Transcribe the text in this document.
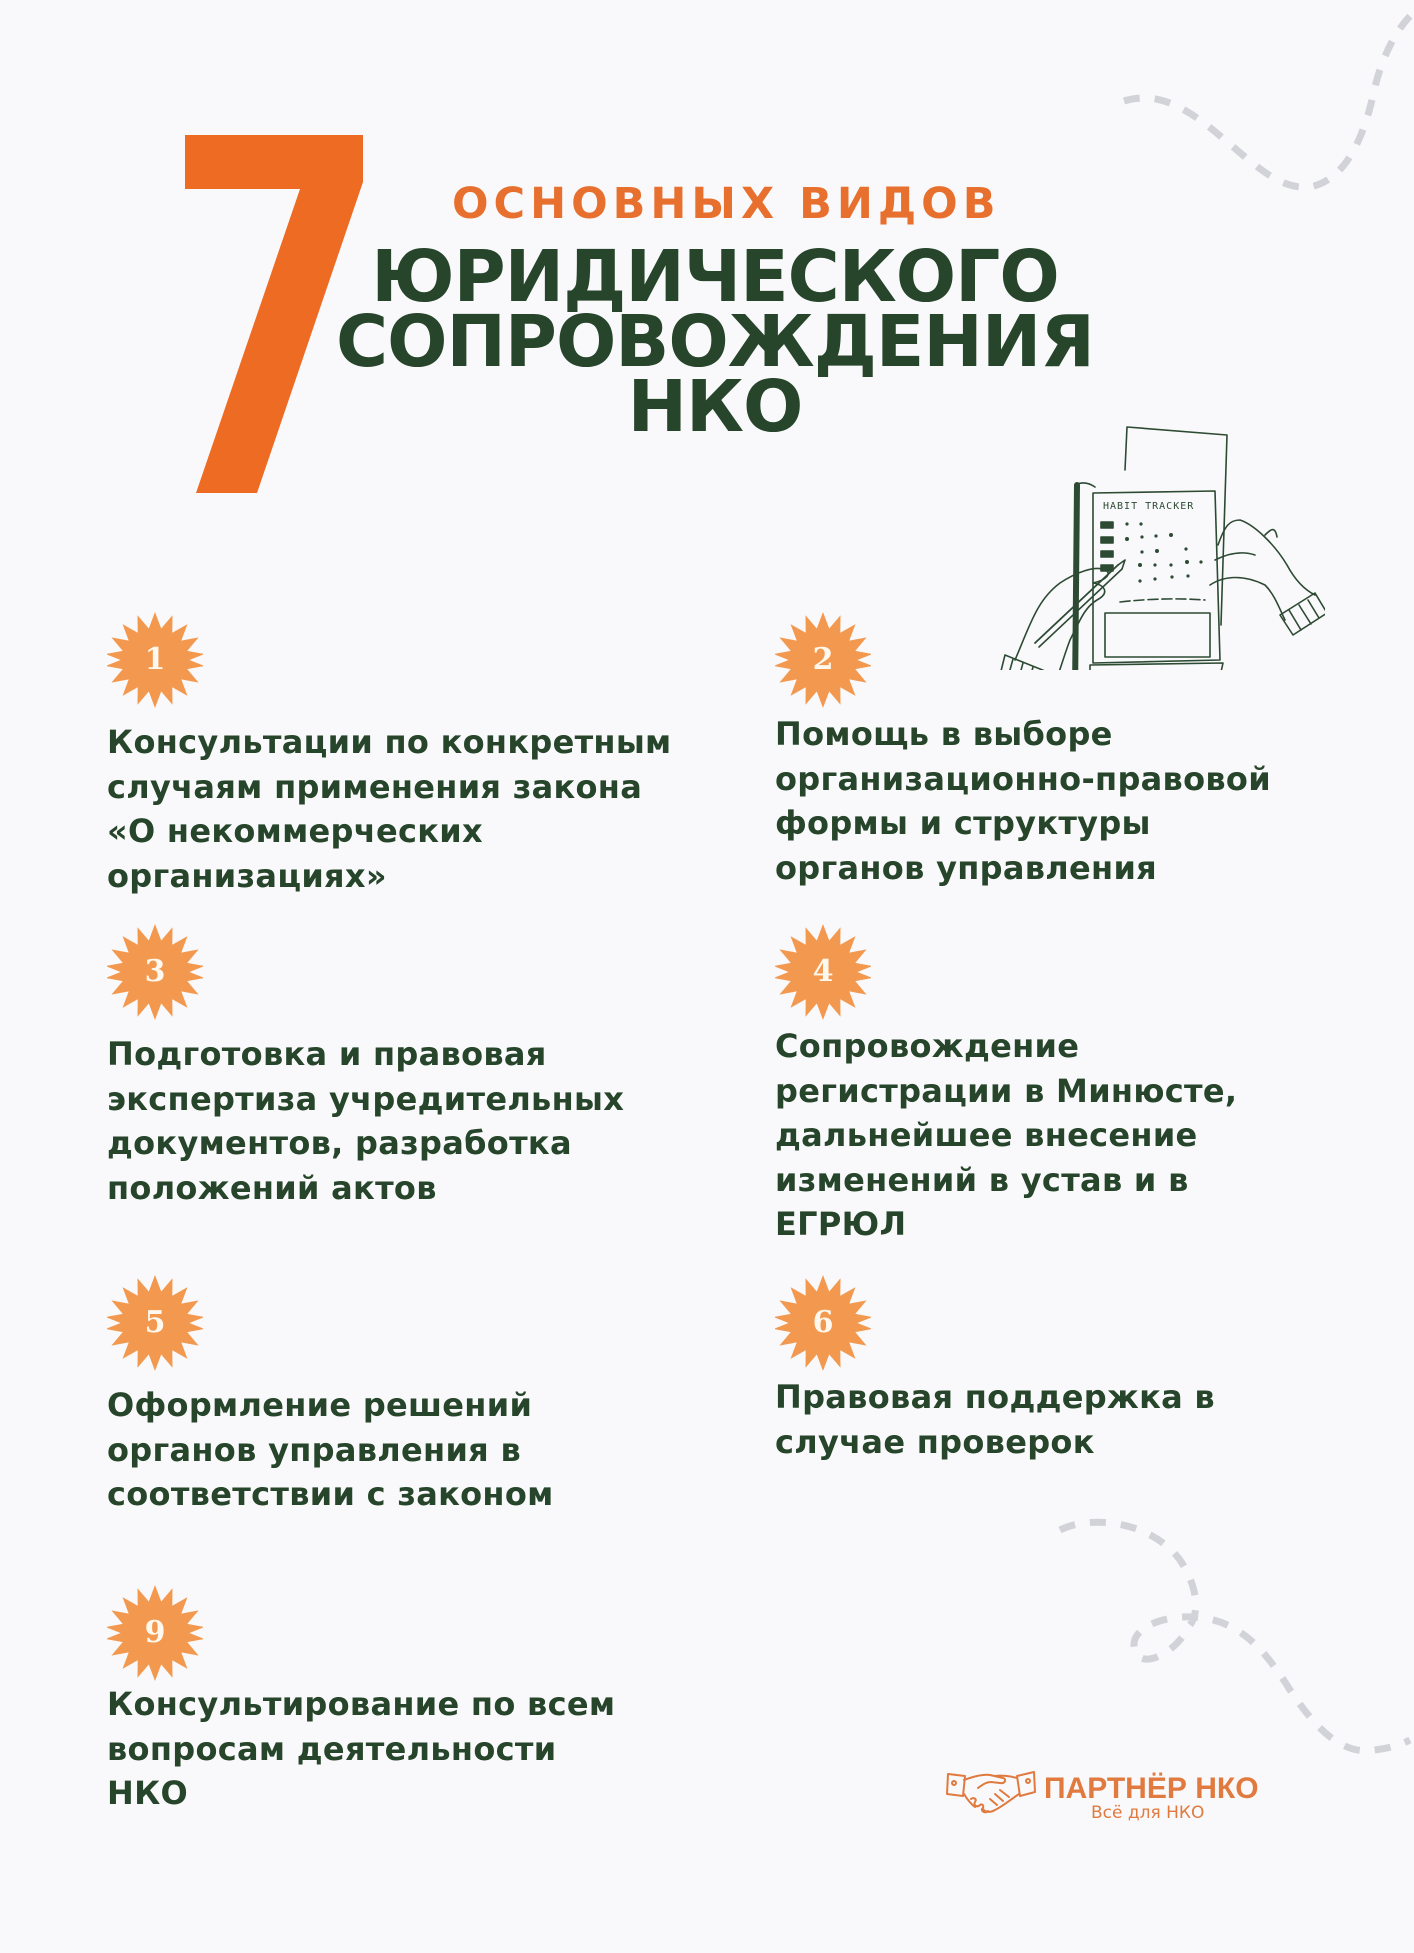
ОСНОВНЫХ ВИДОВ
ЮРИДИЧЕСКОГО
СОПРОВОЖДЕНИЯ
НКО
HABIT TRACKER
1
Консультации по конкретным
случаям применения закона
«О некоммерческих
организациях»
2
Помощь в выборе
организационно-правовой
формы и структуры
органов управления
3
Подготовка и правовая
экспертиза учредительных
документов, разработка
положений актов
4
Сопровождение
регистрации в Минюсте,
дальнейшее внесение
изменений в устав и в
ЕГРЮЛ
5
Оформление решений
органов управления в
соответствии с законом
6
Правовая поддержка в
случае проверок
9
Консультирование по всем
вопросам деятельности
НКО	ПАРТНЁР НКО
Всё для НКО
